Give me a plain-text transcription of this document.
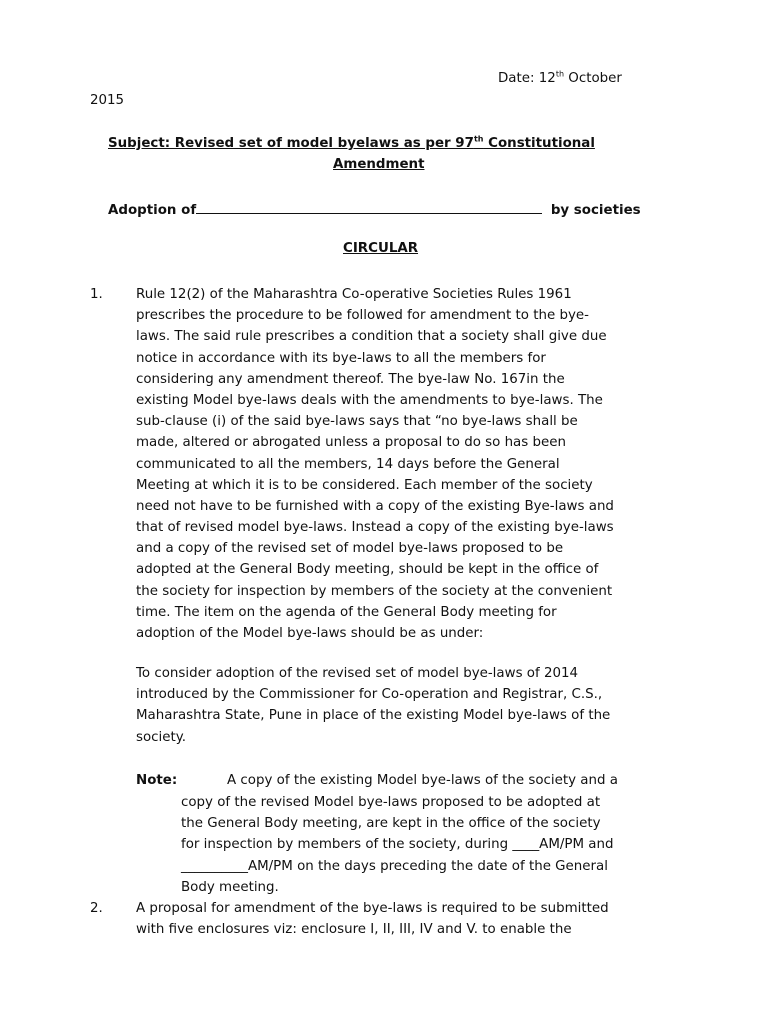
Date: 12th October
2015
Subject: Revised set of model byelaws as per 97th Constitutional
Amendment
Adoption of	by societies
CIRCULAR
1. Rule 12(2) of the Maharashtra Co-operative Societies Rules 1961
prescribes the procedure to be followed for amendment to the bye-
laws. The said rule prescribes a condition that a society shall give due
notice in accordance with its bye-laws to all the members for
considering any amendment thereof. The bye-law No. 167in the
existing Model bye-laws deals with the amendments to bye-laws. The
sub-clause (i) of the said bye-laws says that “no bye-laws shall be
made, altered or abrogated unless a proposal to do so has been
communicated to all the members, 14 days before the General
Meeting at which it is to be considered. Each member of the society
need not have to be furnished with a copy of the existing Bye-laws and
that of revised model bye-laws. Instead a copy of the existing bye-laws
and a copy of the revised set of model bye-laws proposed to be
adopted at the General Body meeting, should be kept in the office of
the society for inspection by members of the society at the convenient
time. The item on the agenda of the General Body meeting for
adoption of the Model bye-laws should be as under:
To consider adoption of the revised set of model bye-laws of 2014
introduced by the Commissioner for Co-operation and Registrar, C.S.,
Maharashtra State, Pune in place of the existing Model bye-laws of the
society.
Note:	A copy of the existing Model bye-laws of the society and a
copy of the revised Model bye-laws proposed to be adopted at
the General Body meeting, are kept in the office of the society
for inspection by members of the society, during ____AM/PM and
__________AM/PM on the days preceding the date of the General
Body meeting.
2. A proposal for amendment of the bye-laws is required to be submitted
with five enclosures viz: enclosure I, II, III, IV and V. to enable the
